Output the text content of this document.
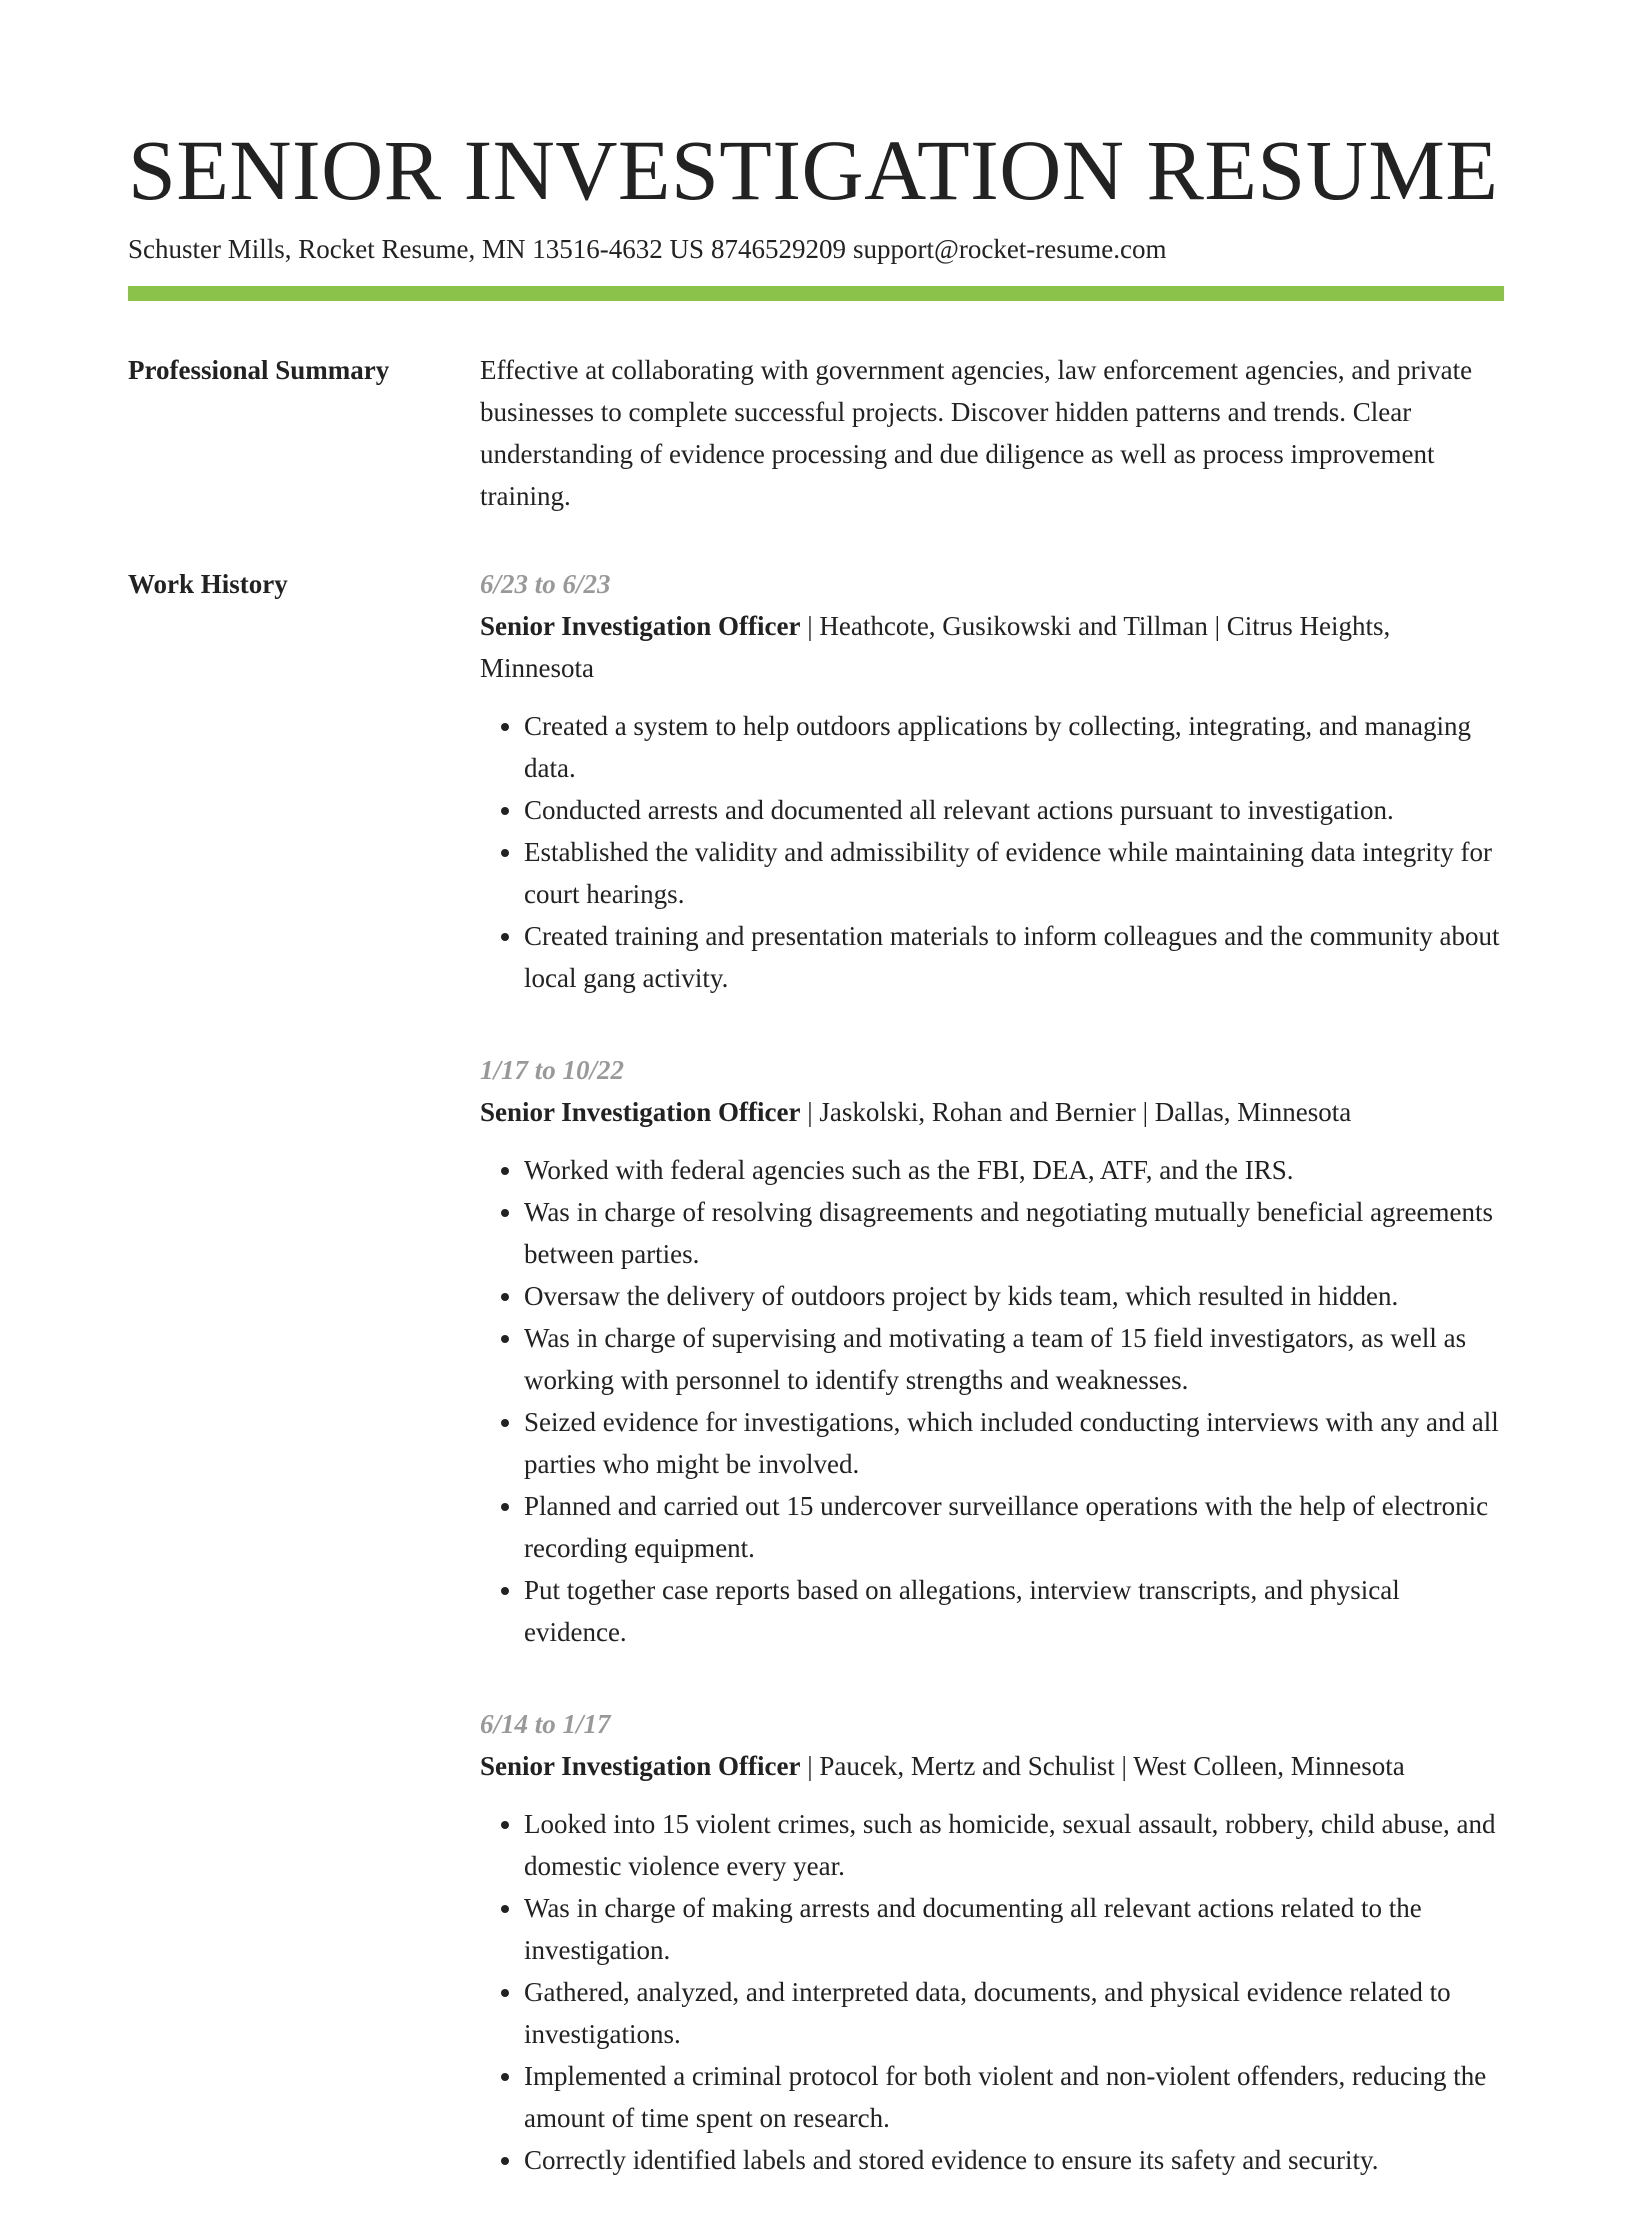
SENIOR INVESTIGATION RESUME
Schuster Mills, Rocket Resume, MN 13516-4632 US 8746529209 support@rocket-resume.com
Professional Summary	Effective at collaborating with government agencies, law enforcement agencies, and private businesses to complete successful projects. Discover hidden patterns and trends. Clear understanding of evidence processing and due diligence as well as process improvement training.

Work History	6/23 to 6/23
Senior Investigation Officer | Heathcote, Gusikowski and Tillman | Citrus Heights, Minnesota
• Created a system to help outdoors applications by collecting, integrating, and managing data.
• Conducted arrests and documented all relevant actions pursuant to investigation.
• Established the validity and admissibility of evidence while maintaining data integrity for court hearings.
• Created training and presentation materials to inform colleagues and the community about local gang activity.
1/17 to 10/22
Senior Investigation Officer | Jaskolski, Rohan and Bernier | Dallas, Minnesota
• Worked with federal agencies such as the FBI, DEA, ATF, and the IRS.
• Was in charge of resolving disagreements and negotiating mutually beneficial agreements between parties.
• Oversaw the delivery of outdoors project by kids team, which resulted in hidden.
• Was in charge of supervising and motivating a team of 15 field investigators, as well as working with personnel to identify strengths and weaknesses.
• Seized evidence for investigations, which included conducting interviews with any and all parties who might be involved.
• Planned and carried out 15 undercover surveillance operations with the help of electronic recording equipment.
• Put together case reports based on allegations, interview transcripts, and physical evidence.
6/14 to 1/17
Senior Investigation Officer | Paucek, Mertz and Schulist | West Colleen, Minnesota
• Looked into 15 violent crimes, such as homicide, sexual assault, robbery, child abuse, and domestic violence every year.
• Was in charge of making arrests and documenting all relevant actions related to the investigation.
• Gathered, analyzed, and interpreted data, documents, and physical evidence related to investigations.
• Implemented a criminal protocol for both violent and non-violent offenders, reducing the amount of time spent on research.
• Correctly identified labels and stored evidence to ensure its safety and security.
